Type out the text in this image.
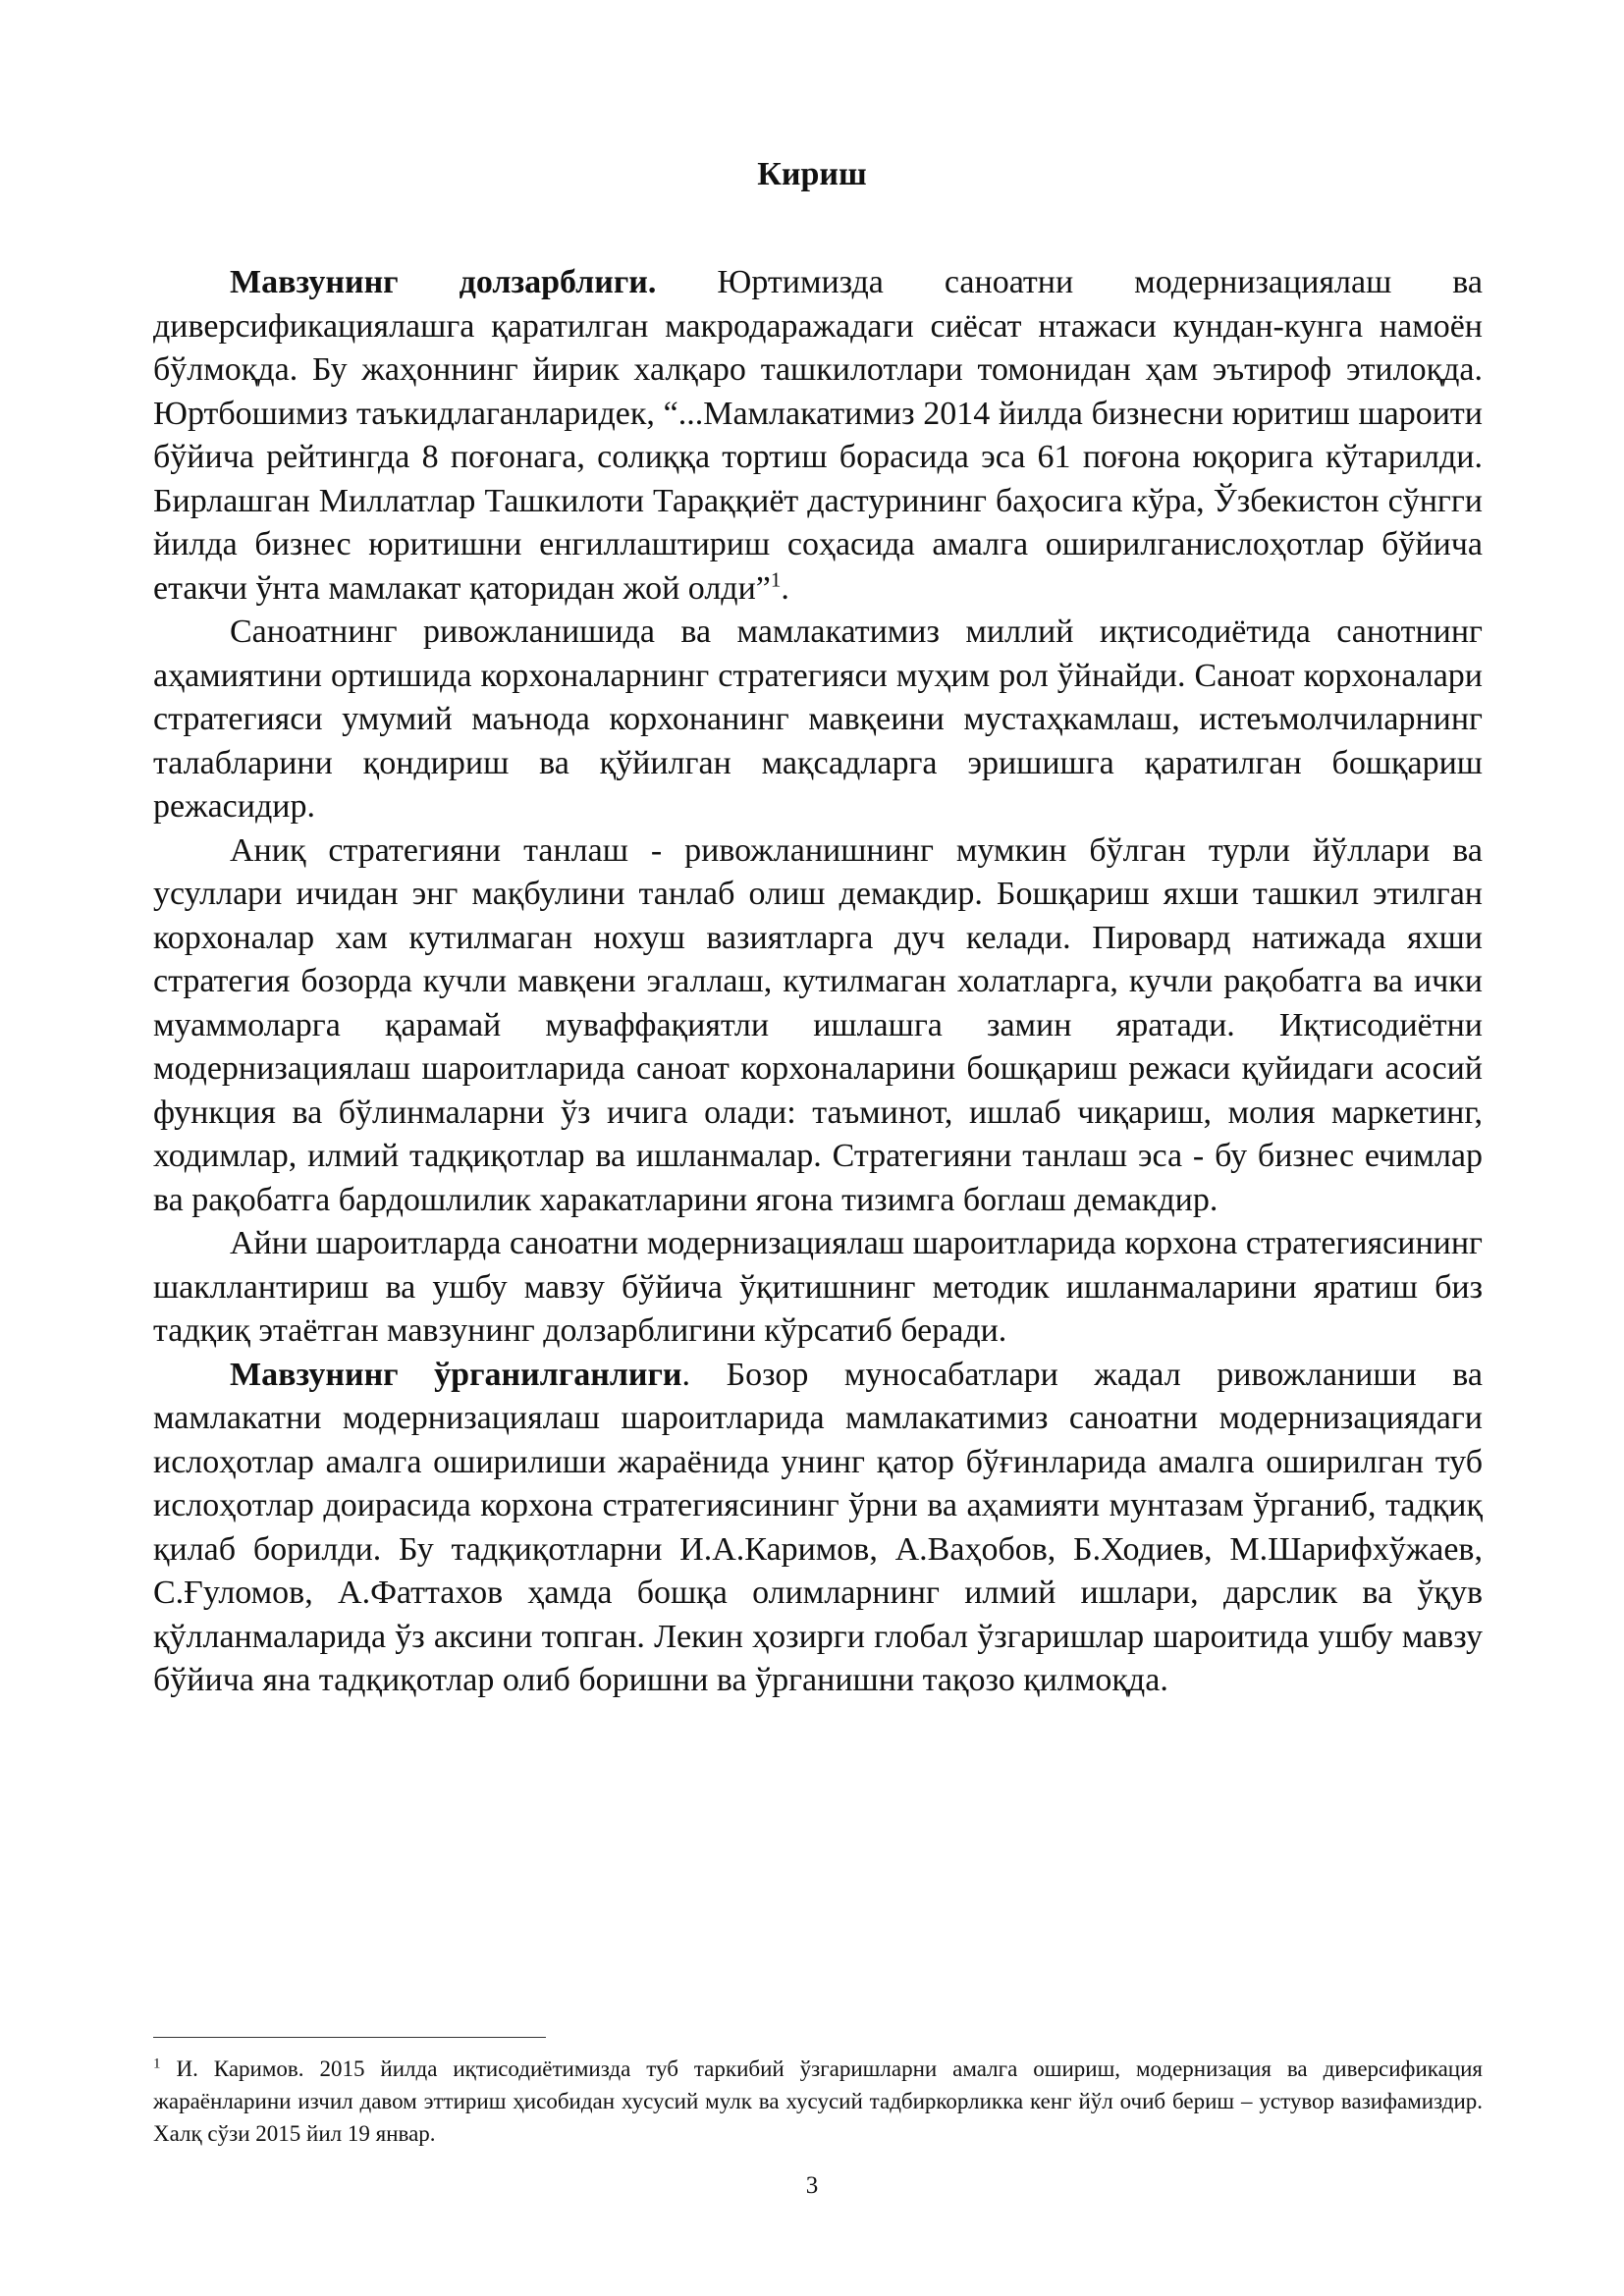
Кириш

Мавзунинг долзарблиги. Юртимизда саноатни модернизациялаш ва диверсификациялашга қаратилган макродаражадаги сиёсат нтажаси кундан-кунга намоён бўлмоқда. Бу жаҳоннинг йирик халқаро ташкилотлари томонидан ҳам эътироф этилоқда. Юртбошимиз таъкидлаганларидек, “...Мамлакатимиз 2014 йилда бизнесни юритиш шароити бўйича рейтингда 8 поғонага, солиққа тортиш борасида эса 61 поғона юқорига кўтарилди. Бирлашган Миллатлар Ташкилоти Тараққиёт дастурининг баҳосига кўра, Ўзбекистон сўнгги йилда бизнес юритишни енгиллаштириш соҳасида амалга оширилганислоҳотлар бўйича етакчи ўнта мамлакат қаторидан жой олди”$^1$.

Саноатнинг ривожланишида ва мамлакатимиз миллий иқтисодиётида санотнинг аҳамиятини ортишида корхоналарнинг стратегияси муҳим рол ўйнайди. Саноат корхоналари стратегияси умумий маънода корхонанинг мавқеини мустаҳкамлаш, истеъмолчиларнинг талабларини қондириш ва қўйилган мақсадларга эришишга қаратилган бошқариш режасидир.

Аниқ стратегияни танлаш - ривожланишнинг мумкин бўлган турли йўллари ва усуллари ичидан энг мақбулини танлаб олиш демакдир. Бошқариш яхши ташкил этилган корхоналар хам кутилмаган нохуш вазиятларга дуч келади. Пировард натижада яхши стратегия бозорда кучли мавқени эгаллаш, кутилмаган холатларга, кучли рақобатга ва ички муаммоларга қарамай муваффақиятли ишлашга замин яратади. Иқтисодиётни модернизациялаш шароитларида саноат корхоналарини бошқариш режаси қуйидаги асосий функция ва бўлинмаларни ўз ичига олади: таъминот, ишлаб чиқариш, молия маркетинг, ходимлар, илмий тадқиқотлар ва ишланмалар. Стратегияни танлаш эса - бу бизнес ечимлар ва рақобатга бардошлилик харакатларини ягона тизимга боглаш демакдир.

Айни шароитларда саноатни модернизациялаш шароитларида корхона стратегиясининг шакллантириш ва ушбу мавзу бўйича ўқитишнинг методик ишланмаларини яратиш биз тадқиқ этаётган мавзунинг долзарблигини кўрсатиб беради.

Мавзунинг ўрганилганлиги. Бозор муносабатлари жадал ривожланиши ва мамлакатни модернизациялаш шароитларида мамлакатимиз саноатни модернизациядаги ислоҳотлар амалга оширилиши жараёнида унинг қатор бўғинларида амалга оширилган туб ислоҳотлар доирасида корхона стратегиясининг ўрни ва аҳамияти мунтазам ўрганиб, тадқиқ қилаб борилди. Бу тадқиқотларни И.А.Каримов, А.Ваҳобов, Б.Ходиев, М.Шарифхўжаев, С.Ғуломов, А.Фаттахов ҳамда бошқа олимларнинг илмий ишлари, дарслик ва ўқув қўлланмаларида ўз аксини топган. Лекин ҳозирги глобал ўзгаришлар шароитида ушбу мавзу бўйича яна тадқиқотлар олиб боришни ва ўрганишни тақозо қилмоқда.

$^1$ И. Каримов. 2015 йилда иқтисодиётимизда туб таркибий ўзгаришларни амалга ошириш, модернизация ва диверсификация жараёнларини изчил давом эттириш ҳисобидан хусусий мулк ва хусусий тадбиркорликка кенг йўл очиб бериш – устувор вазифамиздир. Халқ сўзи 2015 йил 19 январ.

3
